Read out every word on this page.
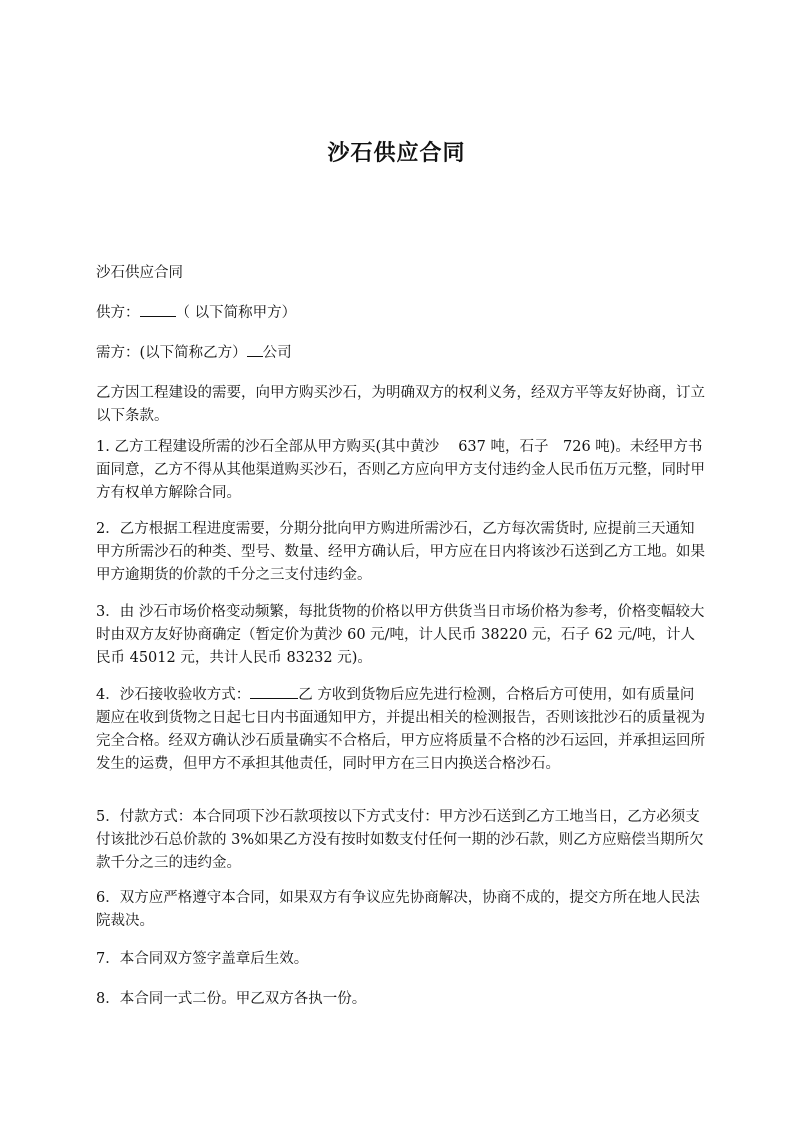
沙石供应合同

沙石供应合同

供方： （ 以下简称甲方）

需方：(以下简称乙方） 公司

乙方因工程建设的需要，向甲方购买沙石，为明确双方的权利义务，经双方平等友好协商，订立以下条款。

1. 乙方工程建设所需的沙石全部从甲方购买(其中黄沙　 637 吨，石子　726 吨)。未经甲方书面同意，乙方不得从其他渠道购买沙石，否则乙方应向甲方支付违约金人民币伍万元整，同时甲方有权单方解除合同。

2．乙方根据工程进度需要，分期分批向甲方购进所需沙石，乙方每次需货时, 应提前三天通知甲方所需沙石的种类、型号、数量、经甲方确认后，甲方应在日内将该沙石送到乙方工地。如果甲方逾期货的价款的千分之三支付违约金。

3．由 沙石市场价格变动频繁，每批货物的价格以甲方供货当日市场价格为参考，价格变幅较大时由双方友好协商确定（暂定价为黄沙 60 元/吨，计人民币 38220 元，石子 62 元/吨，计人民币 45012 元，共计人民币 83232 元)。

4．沙石接收验收方式：	乙 方收到货物后应先进行检测，合格后方可使用，如有质量问题应在收到货物之日起七日内书面通知甲方，并提出相关的检测报告，否则该批沙石的质量视为完全合格。经双方确认沙石质量确实不合格后，甲方应将质量不合格的沙石运回，并承担运回所发生的运费，但甲方不承担其他责任，同时甲方在三日内换送合格沙石。

5．付款方式：本合同项下沙石款项按以下方式支付：甲方沙石送到乙方工地当日，乙方必须支付该批沙石总价款的 3%如果乙方没有按时如数支付任何一期的沙石款，则乙方应赔偿当期所欠款千分之三的违约金。

6．双方应严格遵守本合同，如果双方有争议应先协商解决，协商不成的，提交方所在地人民法院裁决。

7．本合同双方签字盖章后生效。

8．本合同一式二份。甲乙双方各执一份。
